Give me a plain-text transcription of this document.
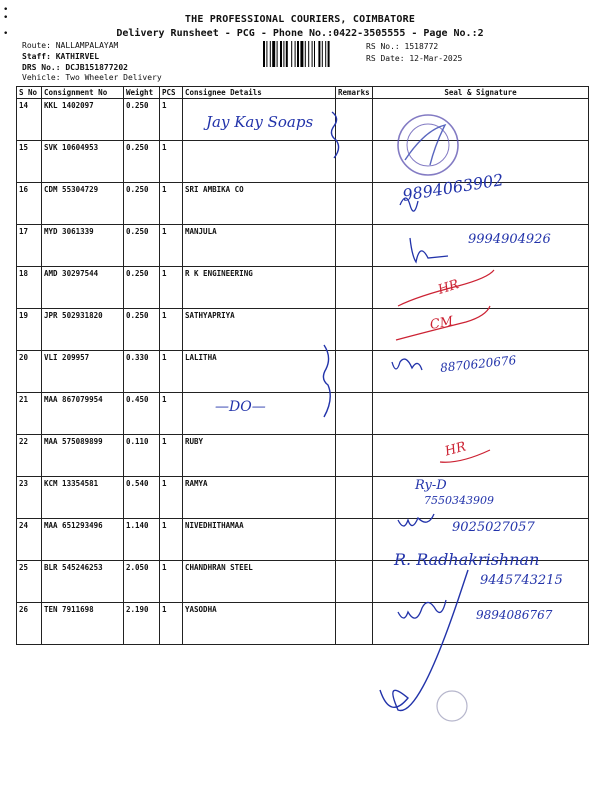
•
•

•
THE PROFESSIONAL COURIERS, COIMBATORE
Delivery Runsheet - PCG - Phone No.:0422-3505555 - Page No.:2
Route: NALLAMPALAYAM
Staff: KATHIRVEL
DRS No.: DCJB151877202
Vehicle: Two Wheeler Delivery
RS No.: 1518772
RS Date: 12-Mar-2025
S No	Consignment No	Weight	PCS	Consignee Details	Remarks	Seal & Signature
14	KKL 1402097	0.250	1			
15	SVK 10604953	0.250	1			
16	CDM 55304729	0.250	1	SRI AMBIKA CO		
17	MYD 3061339	0.250	1	MANJULA		
18	AMD 30297544	0.250	1	R K ENGINEERING		
19	JPR 502931820	0.250	1	SATHYAPRIYA		
20	VLI 209957	0.330	1	LALITHA		
21	MAA 867079954	0.450	1			
22	MAA 575089899	0.110	1	RUBY		
23	KCM 13354581	0.540	1	RAMYA		
24	MAA 651293496	1.140	1	NIVEDHITHAMAA		
25	BLR 545246253	2.050	1	CHANDHRAN STEEL		
26	TEN 7911698	2.190	1	YASODHA		
Jay Kay Soaps
—DO—
9894063902
9994904926
8870620676
Ry-D
7550343909
9025027057
R. Radhakrishnan
9445743215
9894086767
HR
CM
HR
